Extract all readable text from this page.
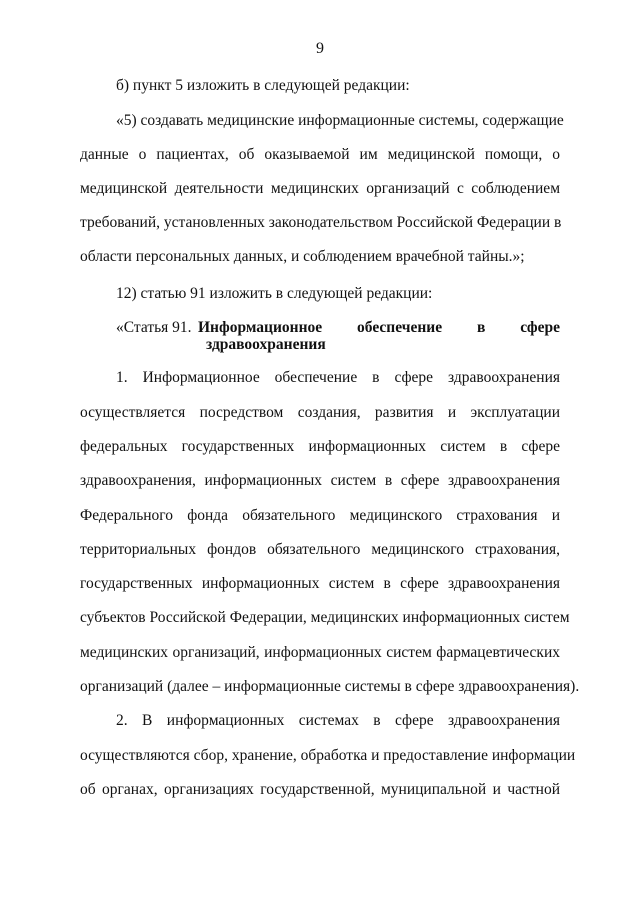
9
б) пункт 5 изложить в следующей редакции:
«5) создавать медицинские информационные системы, содержащие
данные о пациентах, об оказываемой им медицинской помощи, о
медицинской деятельности медицинских организаций с соблюдением
требований, установленных законодательством Российской Федерации в
области персональных данных, и соблюдением врачебной тайны.»;
12) статью 91 изложить в следующей редакции:
«Статья 91. Информационное обеспечение в сфере
здравоохранения
1. Информационное обеспечение в сфере здравоохранения
осуществляется посредством создания, развития и эксплуатации
федеральных государственных информационных систем в сфере
здравоохранения, информационных систем в сфере здравоохранения
Федерального фонда обязательного медицинского страхования и
территориальных фондов обязательного медицинского страхования,
государственных информационных систем в сфере здравоохранения
субъектов Российской Федерации, медицинских информационных систем
медицинских организаций, информационных систем фармацевтических
организаций (далее – информационные системы в сфере здравоохранения).
2. В информационных системах в сфере здравоохранения
осуществляются сбор, хранение, обработка и предоставление информации
об органах, организациях государственной, муниципальной и частной
